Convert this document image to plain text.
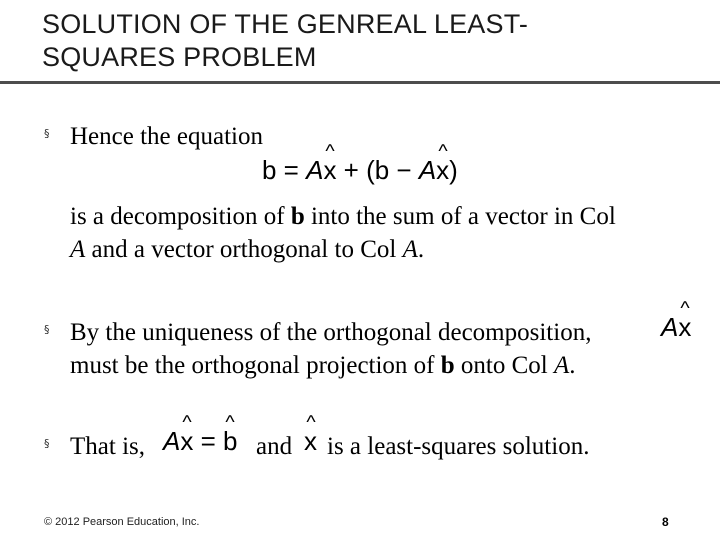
SOLUTION OF THE GENREAL LEAST-
SQUARES PROBLEM
§ Hence the equation
b = A^ x + (b − A^ x)
is a decomposition of b into the sum of a vector in Col
A and a vector orthogonal to Col A.
§ By the uniqueness of the orthogonal decomposition,	A^ x
must be the orthogonal projection of b onto Col A.
§ That is, A^ x = ^ b and
^ x is a least-squares solution.
© 2012 Pearson Education, Inc.	8
